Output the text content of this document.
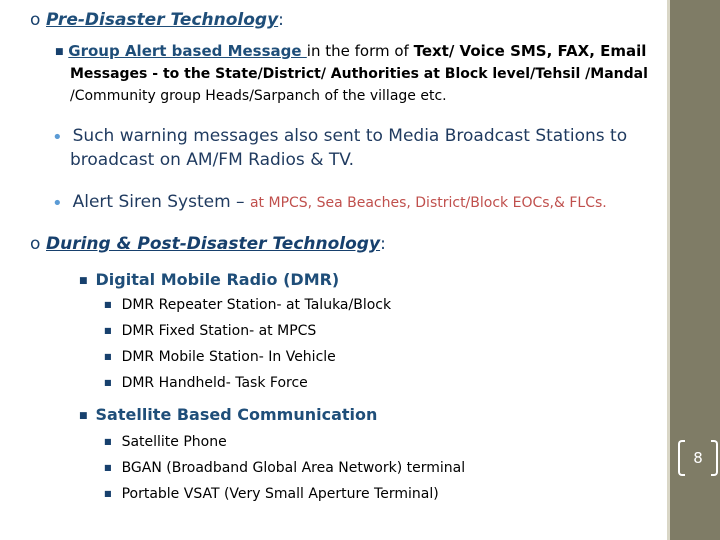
8
o Pre-Disaster Technology:
■ Group Alert based Message in the form of Text/ Voice SMS, FAX, Email
Messages - to the State/District/ Authorities at Block level/Tehsil /Mandal
/Community group Heads/Sarpanch of the village etc.
• Such warning messages also sent to Media Broadcast Stations to
broadcast on AM/FM Radios & TV.
• Alert Siren System – at MPCS, Sea Beaches, District/Block EOCs,& FLCs.
o During & Post-Disaster Technology:
■ Digital Mobile Radio (DMR)
■ DMR Repeater Station- at Taluka/Block
■ DMR Fixed Station- at MPCS
■ DMR Mobile Station- In Vehicle
■ DMR Handheld- Task Force
■ Satellite Based Communication
■ Satellite Phone
■ BGAN (Broadband Global Area Network) terminal
■ Portable VSAT (Very Small Aperture Terminal)
